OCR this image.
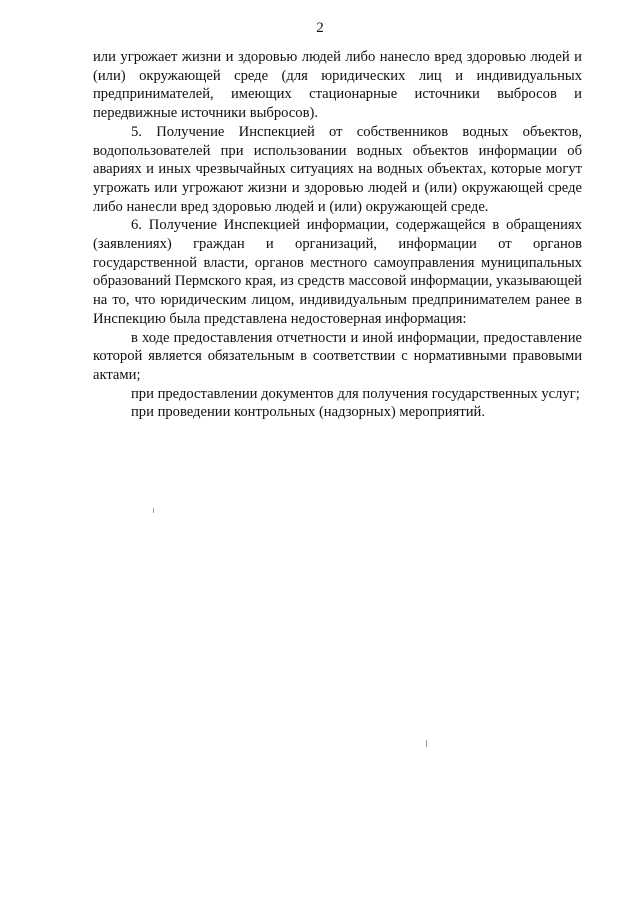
2

или угрожает жизни и здоровью людей либо нанесло вред здоровью людей и (или) окружающей среде (для юридических лиц и индивидуальных предпринимателей, имеющих стационарные источники выбросов и передвижные источники выбросов).

5. Получение Инспекцией от собственников водных объектов, водопользователей при использовании водных объектов информации об авариях и иных чрезвычайных ситуациях на водных объектах, которые могут угрожать или угрожают жизни и здоровью людей и (или) окружающей среде либо нанесли вред здоровью людей и (или) окружающей среде.

6. Получение Инспекцией информации, содержащейся в обращениях (заявлениях) граждан и организаций, информации от органов государственной власти, органов местного самоуправления муниципальных образований Пермского края, из средств массовой информации, указывающей на то, что юридическим лицом, индивидуальным предпринимателем ранее в Инспекцию была представлена недостоверная информация:

в ходе предоставления отчетности и иной информации, предоставление которой является обязательным в соответствии с нормативными правовыми актами;

при предоставлении документов для получения государственных услуг;

при проведении контрольных (надзорных) мероприятий.
